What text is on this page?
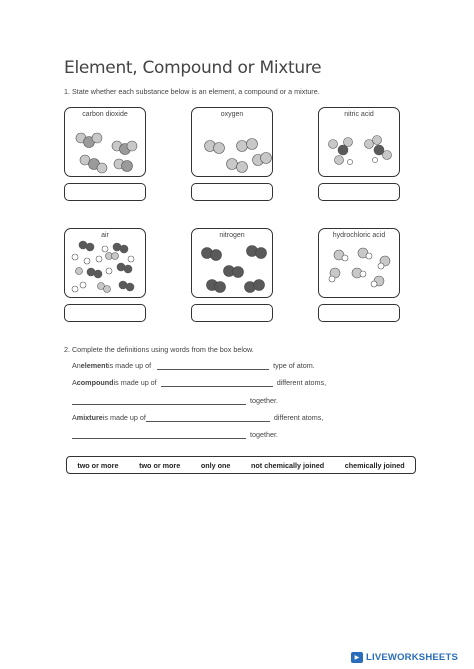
Element, Compound or Mixture
1. State whether each substance below is an element, a compound or a mixture.
carbon dioxide	oxygen	nitric acid
air	nitrogen	hydrochloric acid
2. Complete the definitions using words from the box below.
An element is made up of	type of atom.
A compound is made up of	different atoms,
together.
A mixture is made up of	different atoms,
together.
two or more	two or more	only one	not chemically joined	chemically joined
▶ LIVEWORKSHEETS
